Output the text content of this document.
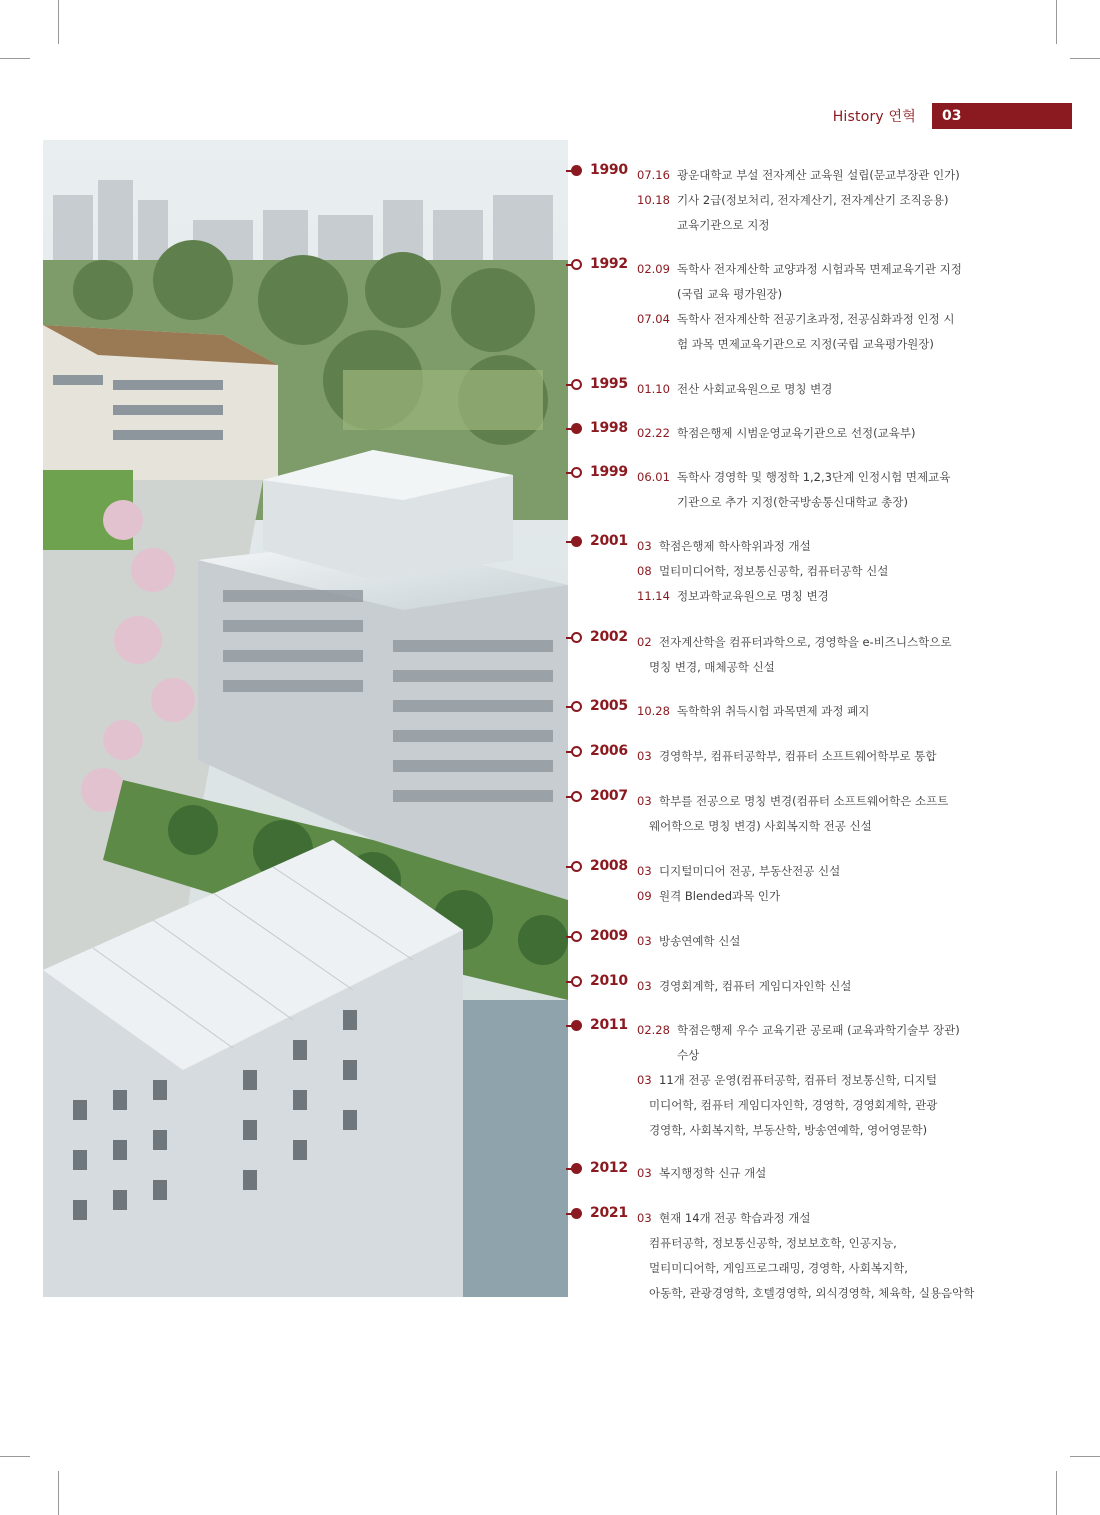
History 연혁	03
1990 07.16 광운대학교 부설 전자계산 교육원 설립(문교부장관 인가)
10.18 기사 2급(정보처리, 전자계산기, 전자계산기 조직응용)
교육기관으로 지정
1992 02.09 독학사 전자계산학 교양과정 시험과목 면제교육기관 지정
(국립 교육 평가원장)
07.04 독학사 전자계산학 전공기초과정, 전공심화과정 인정 시
험 과목 면제교육기관으로 지정(국립 교육평가원장)
1995 01.10 전산 사회교육원으로 명칭 변경
1998 02.22 학점은행제 시범운영교육기관으로 선정(교육부)
1999 06.01 독학사 경영학 및 행정학 1,2,3단계 인정시험 면제교육
기관으로 추가 지정(한국방송통신대학교 총장)
2001 03 학점은행제 학사학위과정 개설
08 멀티미디어학, 정보통신공학, 컴퓨터공학 신설
11.14 정보과학교육원으로 명칭 변경
2002 02 전자계산학을 컴퓨터과학으로, 경영학을 e-비즈니스학으로
명칭 변경, 매체공학 신설
2005 10.28 독학학위 취득시험 과목면제 과정 폐지
2006 03 경영학부, 컴퓨터공학부, 컴퓨터 소프트웨어학부로 통합
2007 03 학부를 전공으로 명칭 변경(컴퓨터 소프트웨어학은 소프트
웨어학으로 명칭 변경) 사회복지학 전공 신설
2008 03 디지털미디어 전공, 부동산전공 신설
09 원격 Blended과목 인가
2009 03 방송연예학 신설
2010 03 경영회계학, 컴퓨터 게임디자인학 신설
2011 02.28 학점은행제 우수 교육기관 공로패 (교육과학기술부 장관)
수상
03 11개 전공 운영(컴퓨터공학, 컴퓨터 정보통신학, 디지털
미디어학, 컴퓨터 게임디자인학, 경영학, 경영회계학, 관광
경영학, 사회복지학, 부동산학, 방송연예학, 영어영문학)
2012 03 복지행정학 신규 개설
2021 03 현재 14개 전공 학습과정 개설
컴퓨터공학, 정보통신공학, 정보보호학, 인공지능,
멀티미디어학, 게임프로그래밍, 경영학, 사회복지학,
아동학, 관광경영학, 호텔경영학, 외식경영학, 체육학, 실용음악학
